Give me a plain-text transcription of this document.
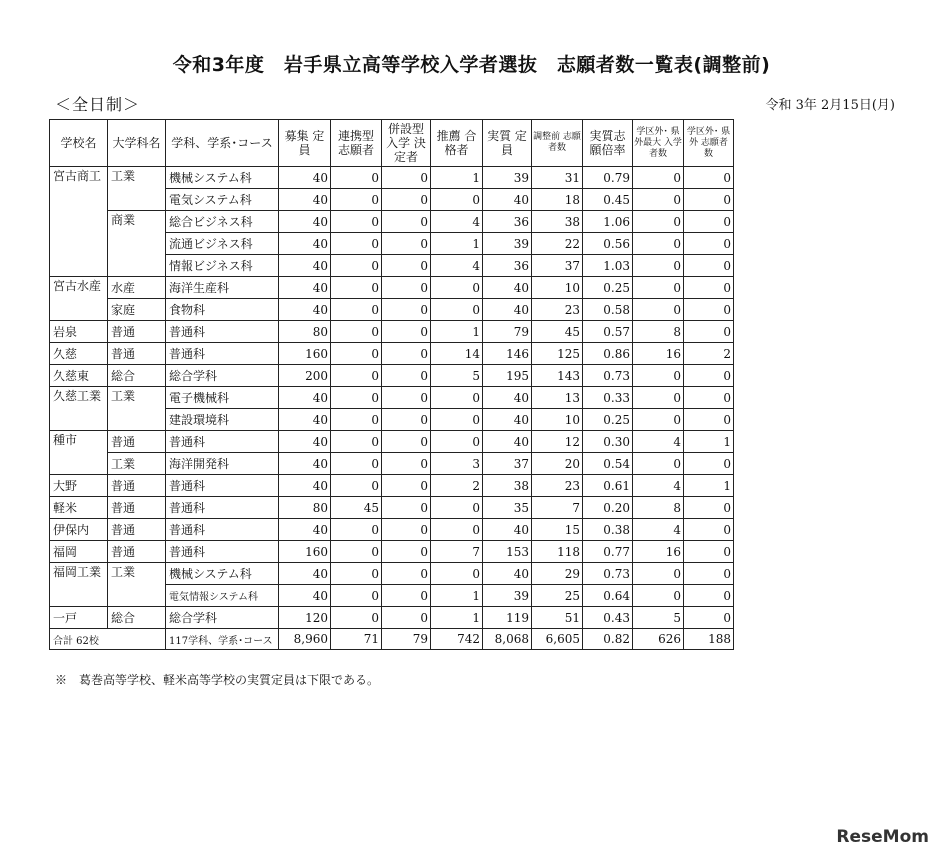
令和3年度　岩手県立高等学校入学者選抜　志願者数一覧表(調整前)
＜全日制＞	令和 3年 2月15日(月)
学校名	大学科名	学科、学系･コース	募集 定員	連携型 志願者	併設型 入学 決定者	推薦 合格者	実質 定員	調整前 志願者数	実質志 願倍率	学区外･ 県外最大 入学者数	学区外･ 県外 志願者数
宮古商工	工業	機械システム科	40	0	0	1	39	31	0.79	0	0
		電気システム科	40	0	0	0	40	18	0.45	0	0
	商業	総合ビジネス科	40	0	0	4	36	38	1.06	0	0
		流通ビジネス科	40	0	0	1	39	22	0.56	0	0
		情報ビジネス科	40	0	0	4	36	37	1.03	0	0
宮古水産	水産	海洋生産科	40	0	0	0	40	10	0.25	0	0
	家庭	食物科	40	0	0	0	40	23	0.58	0	0
岩泉	普通	普通科	80	0	0	1	79	45	0.57	8	0
久慈	普通	普通科	160	0	0	14	146	125	0.86	16	2
久慈東	総合	総合学科	200	0	0	5	195	143	0.73	0	0
久慈工業	工業	電子機械科	40	0	0	0	40	13	0.33	0	0
		建設環境科	40	0	0	0	40	10	0.25	0	0
種市	普通	普通科	40	0	0	0	40	12	0.30	4	1
	工業	海洋開発科	40	0	0	3	37	20	0.54	0	0
大野	普通	普通科	40	0	0	2	38	23	0.61	4	1
軽米	普通	普通科	80	45	0	0	35	7	0.20	8	0
伊保内	普通	普通科	40	0	0	0	40	15	0.38	4	0
福岡	普通	普通科	160	0	0	7	153	118	0.77	16	0
福岡工業	工業	機械システム科	40	0	0	0	40	29	0.73	0	0
		電気情報システム科	40	0	0	1	39	25	0.64	0	0
一戸	総合	総合学科	120	0	0	1	119	51	0.43	5	0
合計 62校		117学科、学系･コース	8,960	71	79	742	8,068	6,605	0.82	626	188
※　葛巻高等学校、軽米高等学校の実質定員は下限である。
ReseMom
